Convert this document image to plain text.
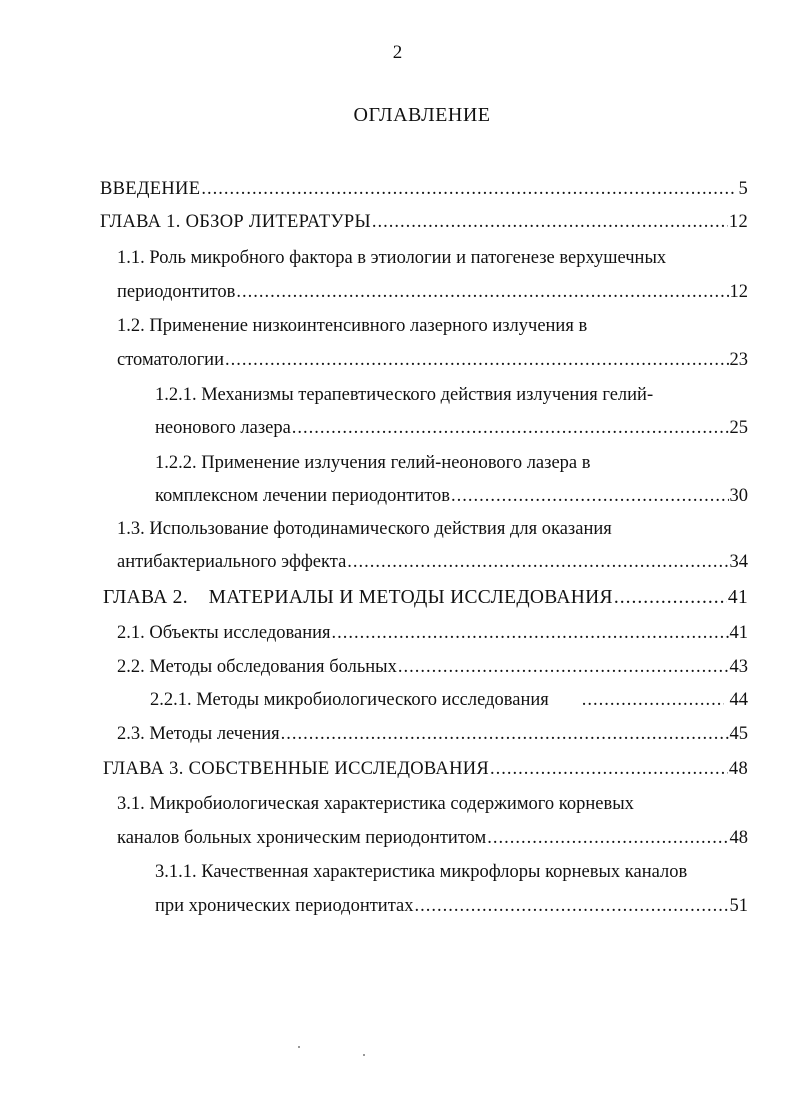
2
ОГЛАВЛЕНИЕ
ВВЕДЕНИЕ .....	5
ГЛАВА 1. ОБЗОР ЛИТЕРАТУРЫ .....	12
1.1. Роль микробного фактора в этиологии и патогенезе верхушечных
периодонтитов .....	12
1.2. Применение низкоинтенсивного лазерного излучения в
стоматологии .....	23
1.2.1. Механизмы терапевтического действия излучения гелий-
неонового лазера .....	25
1.2.2. Применение излучения гелий-неонового лазера в
комплексном лечении периодонтитов .....	30
1.3. Использование фотодинамического действия для оказания
антибактериального эффекта .....	34
ГЛАВА 2.    МАТЕРИАЛЫ И МЕТОДЫ ИССЛЕДОВАНИЯ .....	41
2.1. Объекты исследования .....	41
2.2. Методы обследования больных .....	43
2.2.1. Методы микробиологического исследования .....	44
2.3. Методы лечения .....	45
ГЛАВА 3. СОБСТВЕННЫЕ ИССЛЕДОВАНИЯ .....	48
3.1. Микробиологическая характеристика содержимого корневых
каналов больных хроническим периодонтитом .....	48
3.1.1. Качественная характеристика микрофлоры корневых каналов
при хронических периодонтитах .....	51
